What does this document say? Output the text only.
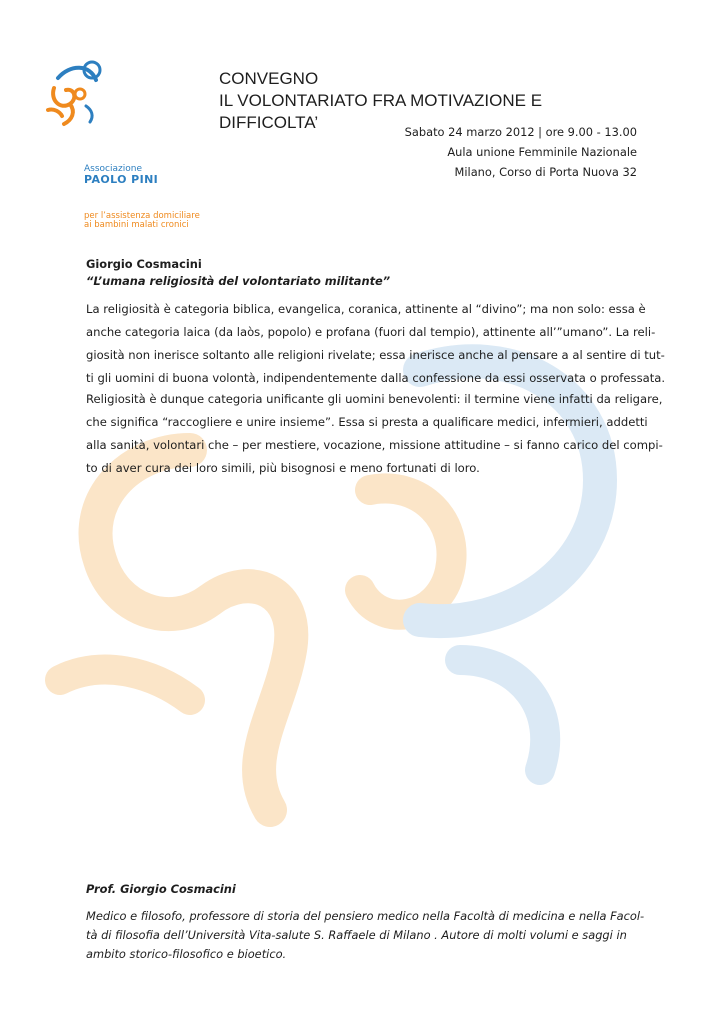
Associazione
PAOLO PINI
per l’assistenza domiciliare
ai bambini malati cronici
CONVEGNO
IL VOLONTARIATO FRA MOTIVAZIONE E DIFFICOLTA’	Sabato 24 marzo 2012 | ore 9.00 - 13.00
Aula unione Femminile Nazionale
Milano, Corso di Porta Nuova 32
Giorgio Cosmacini
“L’umana religiosità del volontariato militante”
La religiosità è categoria biblica, evangelica, coranica, attinente al “divino”; ma non solo: essa è
anche categoria laica (da laòs, popolo) e profana (fuori dal tempio), attinente all’”umano”. La reli-
giosità non inerisce soltanto alle religioni rivelate; essa inerisce anche al pensare a al sentire di tut-
ti gli uomini di buona volontà, indipendentemente dalla confessione da essi osservata o professata.
Religiosità è dunque categoria unificante gli uomini benevolenti: il termine viene infatti da religare,
che significa “raccogliere e unire insieme”. Essa si presta a qualificare medici, infermieri, addetti
alla sanità, volontari che – per mestiere, vocazione, missione attitudine – si fanno carico del compi-
to di aver cura dei loro simili, più bisognosi e meno fortunati di loro.
Prof. Giorgio Cosmacini
Medico e filosofo, professore di storia del pensiero medico nella Facoltà di medicina e nella Facol-
tà di filosofia dell’Università Vita-salute S. Raffaele di Milano . Autore di molti volumi e saggi in
ambito storico-filosofico e bioetico.
